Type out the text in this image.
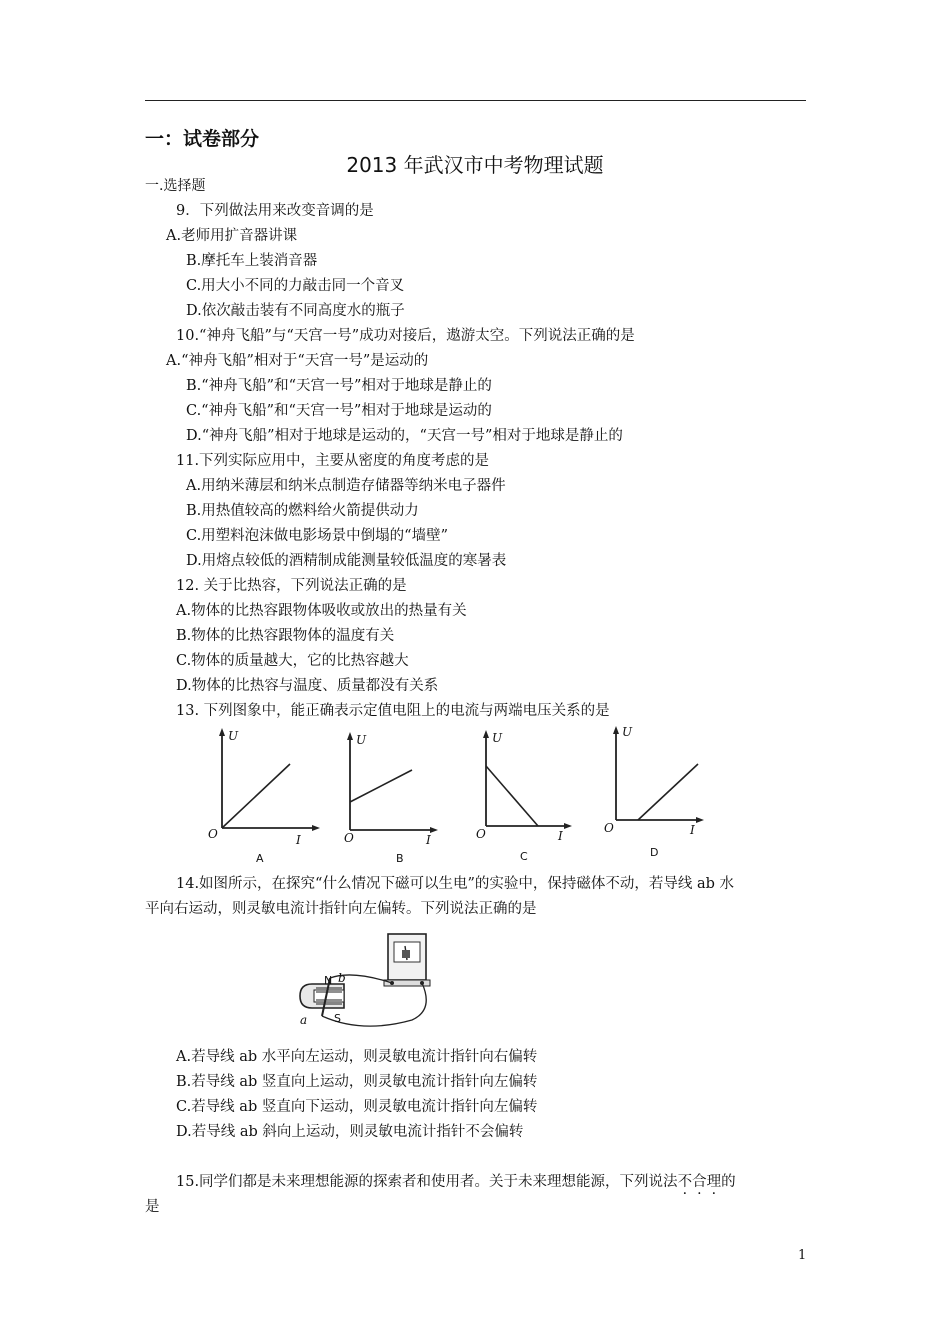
一：试卷部分
2013 年武汉市中考物理试题
一.选择题
9．下列做法用来改变音调的是
A.老师用扩音器讲课
B.摩托车上装消音器
C.用大小不同的力敲击同一个音叉
D.依次敲击装有不同高度水的瓶子
10.“神舟飞船”与“天宫一号”成功对接后，遨游太空。下列说法正确的是
A.“神舟飞船”相对于“天宫一号”是运动的
B.“神舟飞船”和“天宫一号”相对于地球是静止的
C.“神舟飞船”和“天宫一号”相对于地球是运动的
D.“神舟飞船”相对于地球是运动的，“天宫一号”相对于地球是静止的
11.下列实际应用中，主要从密度的角度考虑的是
A.用纳米薄层和纳米点制造存储器等纳米电子器件
B.用热值较高的燃料给火箭提供动力
C.用塑料泡沫做电影场景中倒塌的“墙壁”
D.用熔点较低的酒精制成能测量较低温度的寒暑表
12. 关于比热容，下列说法正确的是
A.物体的比热容跟物体吸收或放出的热量有关
B.物体的比热容跟物体的温度有关
C.物体的质量越大，它的比热容越大
D.物体的比热容与温度、质量都没有关系
13. 下列图象中，能正确表示定值电阻上的电流与两端电压关系的是
U
I
O
A
U
I
O
B
U
I
O
C
U
I
O
D
14.如图所示，在探究“什么情况下磁可以生电”的实验中，保持磁体不动，若导线 ab 水
平向右运动，则灵敏电流计指针向左偏转。下列说法正确的是
N
S
a
b
A.若导线 ab 水平向左运动，则灵敏电流计指针向右偏转
B.若导线 ab 竖直向上运动，则灵敏电流计指针向左偏转
C.若导线 ab 竖直向下运动，则灵敏电流计指针向左偏转
D.若导线 ab 斜向上运动，则灵敏电流计指针不会偏转
15.同学们都是未来理想能源的探索者和使用者。关于未来理想能源，下列说法不合理的
是
1
